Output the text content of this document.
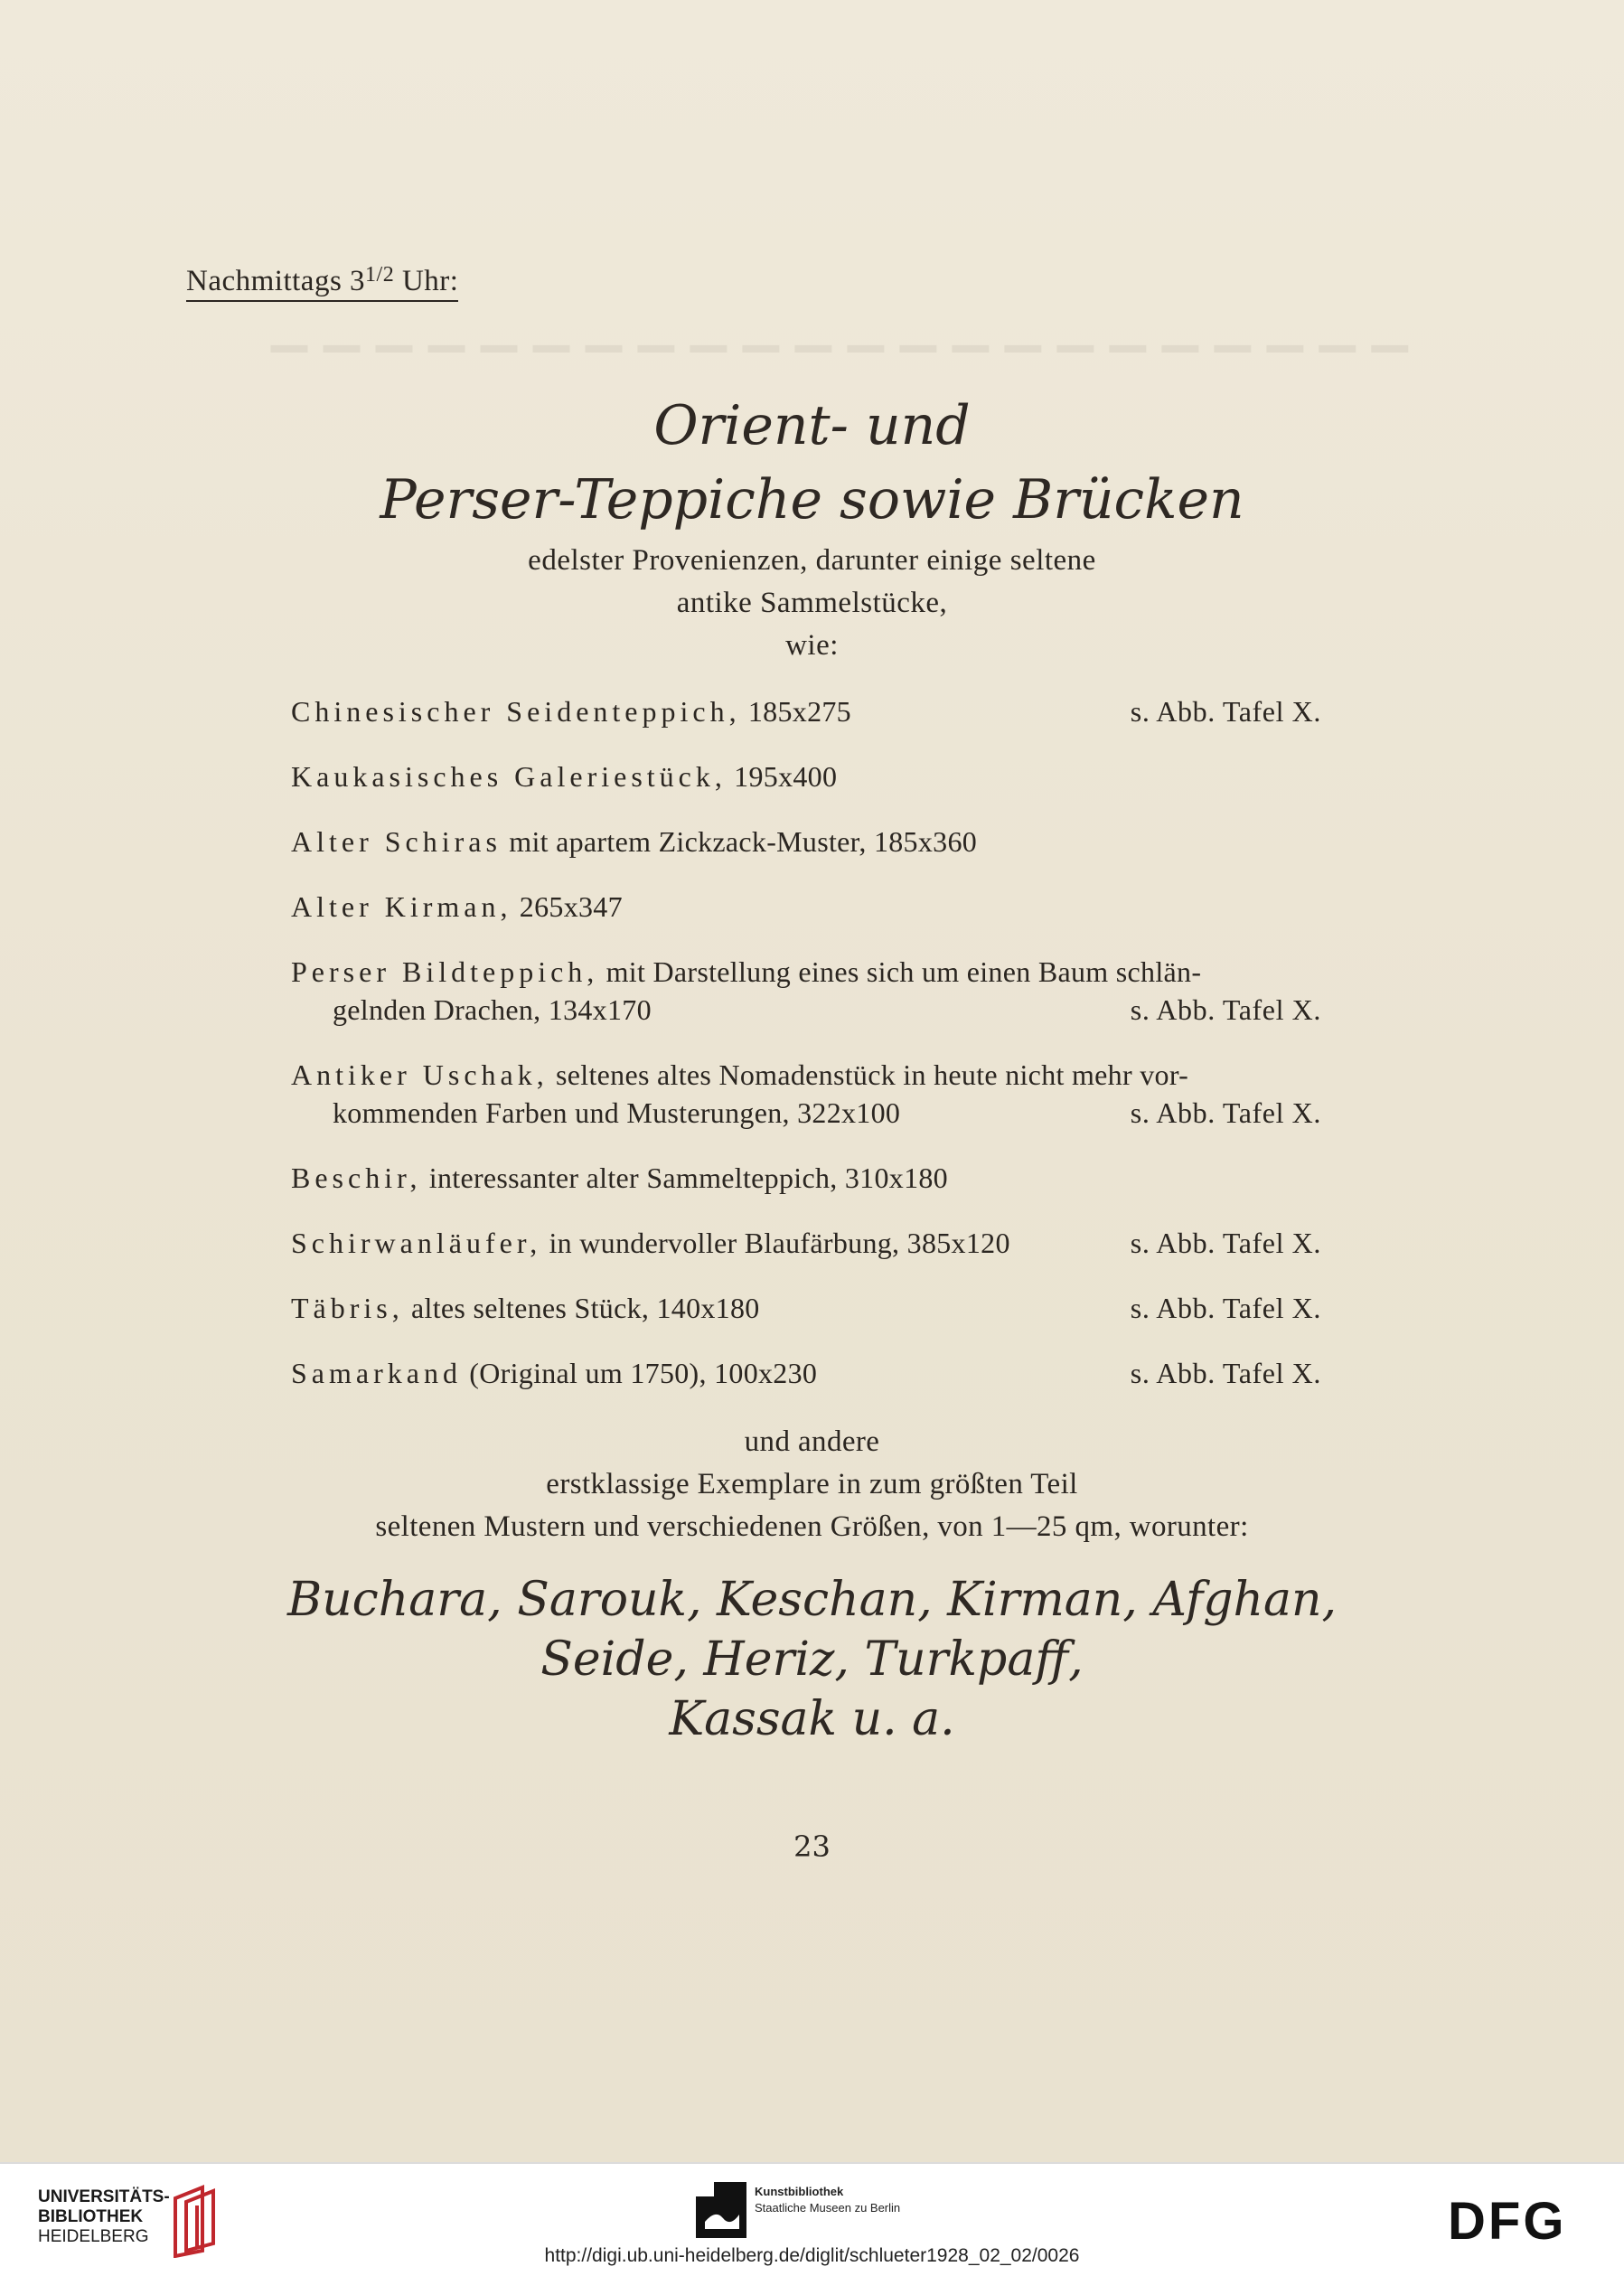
▁▁▁▁▁▁▁▁▁▁▁▁▁▁▁▁▁▁▁▁▁▁
Nachmittags $3^{1/2}$ Uhr:
Orient- und
Perser-Teppiche sowie Brücken
edelster Provenienzen, darunter einige seltene
antike Sammelstücke,
wie:
Chinesischer Seidenteppich, 185x275	s. Abb. Tafel X.
Kaukasisches Galeriestück, 195x400
Alter Schiras mit apartem Zickzack-Muster, 185x360
Alter Kirman, 265x347
Perser Bildteppich, mit Darstellung eines sich um einen Baum schlän-
gelnden Drachen, 134x170	s. Abb. Tafel X.
Antiker Uschak, seltenes altes Nomadenstück in heute nicht mehr vor-
kommenden Farben und Musterungen, 322x100	s. Abb. Tafel X.
Beschir, interessanter alter Sammelteppich, 310x180
Schirwanläufer, in wundervoller Blaufärbung, 385x120	s. Abb. Tafel X.
Täbris, altes seltenes Stück, 140x180	s. Abb. Tafel X.
Samarkand (Original um 1750), 100x230	s. Abb. Tafel X.
und andere
erstklassige Exemplare in zum größten Teil
seltenen Mustern und verschiedenen Größen, von 1—25 qm, worunter:
Buchara, Sarouk, Keschan, Kirman, Afghan,
Seide, Heriz, Turkpaff,
Kassak u. a.
23
UNIVERSITÄTS-
BIBLIOTHEK
HEIDELBERG
Kunstbibliothek
Staatliche Museen zu Berlin	DFG
http://digi.ub.uni-heidelberg.de/diglit/schlueter1928_02_02/0026
